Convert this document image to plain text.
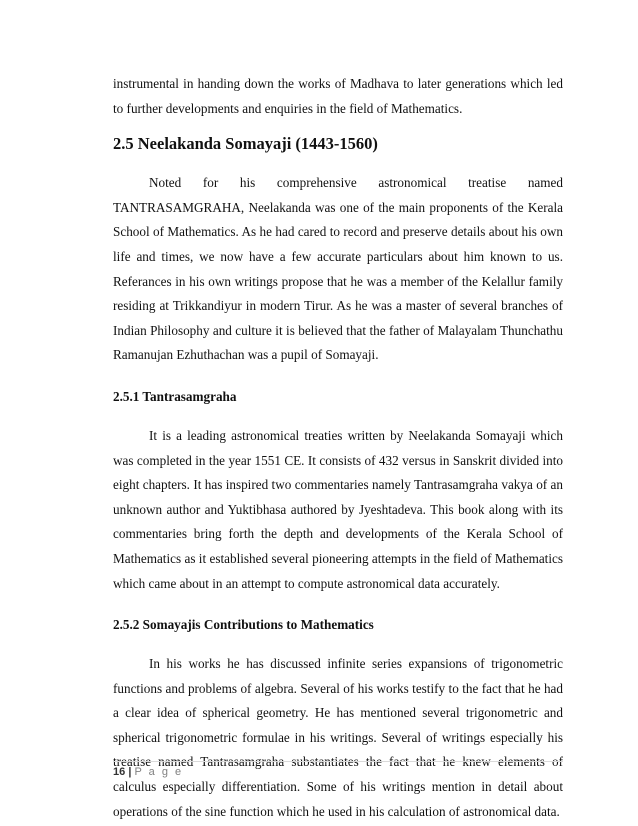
instrumental in handing down the works of Madhava to later generations which led to further developments and enquiries in the field of Mathematics.

2.5 Neelakanda Somayaji (1443-1560)

Noted for his comprehensive astronomical treatise named TANTRASAMGRAHA, Neelakanda was one of the main proponents of the Kerala School of Mathematics. As he had cared to record and preserve details about his own life and times, we now have a few accurate particulars about him known to us. Referances in his own writings propose that he was a member of the Kelallur family residing at Trikkandiyur in modern Tirur. As he was a master of several branches of Indian Philosophy and culture it is believed that the father of Malayalam Thunchathu Ramanujan Ezhuthachan was a pupil of Somayaji.

2.5.1 Tantrasamgraha

It is a leading astronomical treaties written by Neelakanda Somayaji which was completed in the year 1551 CE. It consists of 432 versus in Sanskrit divided into eight chapters. It has inspired two commentaries namely Tantrasamgraha vakya of an unknown author and Yuktibhasa authored by Jyeshtadeva. This book along with its commentaries bring forth the depth and developments of the Kerala School of Mathematics as it established several pioneering attempts in the field of Mathematics which came about in an attempt to compute astronomical data accurately.

2.5.2 Somayajis Contributions to Mathematics

In his works he has discussed infinite series expansions of trigonometric functions and problems of algebra. Several of his works testify to the fact that he had a clear idea of spherical geometry. He has mentioned several trigonometric and spherical trigonometric formulae in his writings. Several of writings especially his treatise named Tantrasamgraha substantiates the fact that he knew elements of calculus especially differentiation. Some of his writings mention in detail about operations of the sine function which he used in his calculation of astronomical data.

16 | P a g e
